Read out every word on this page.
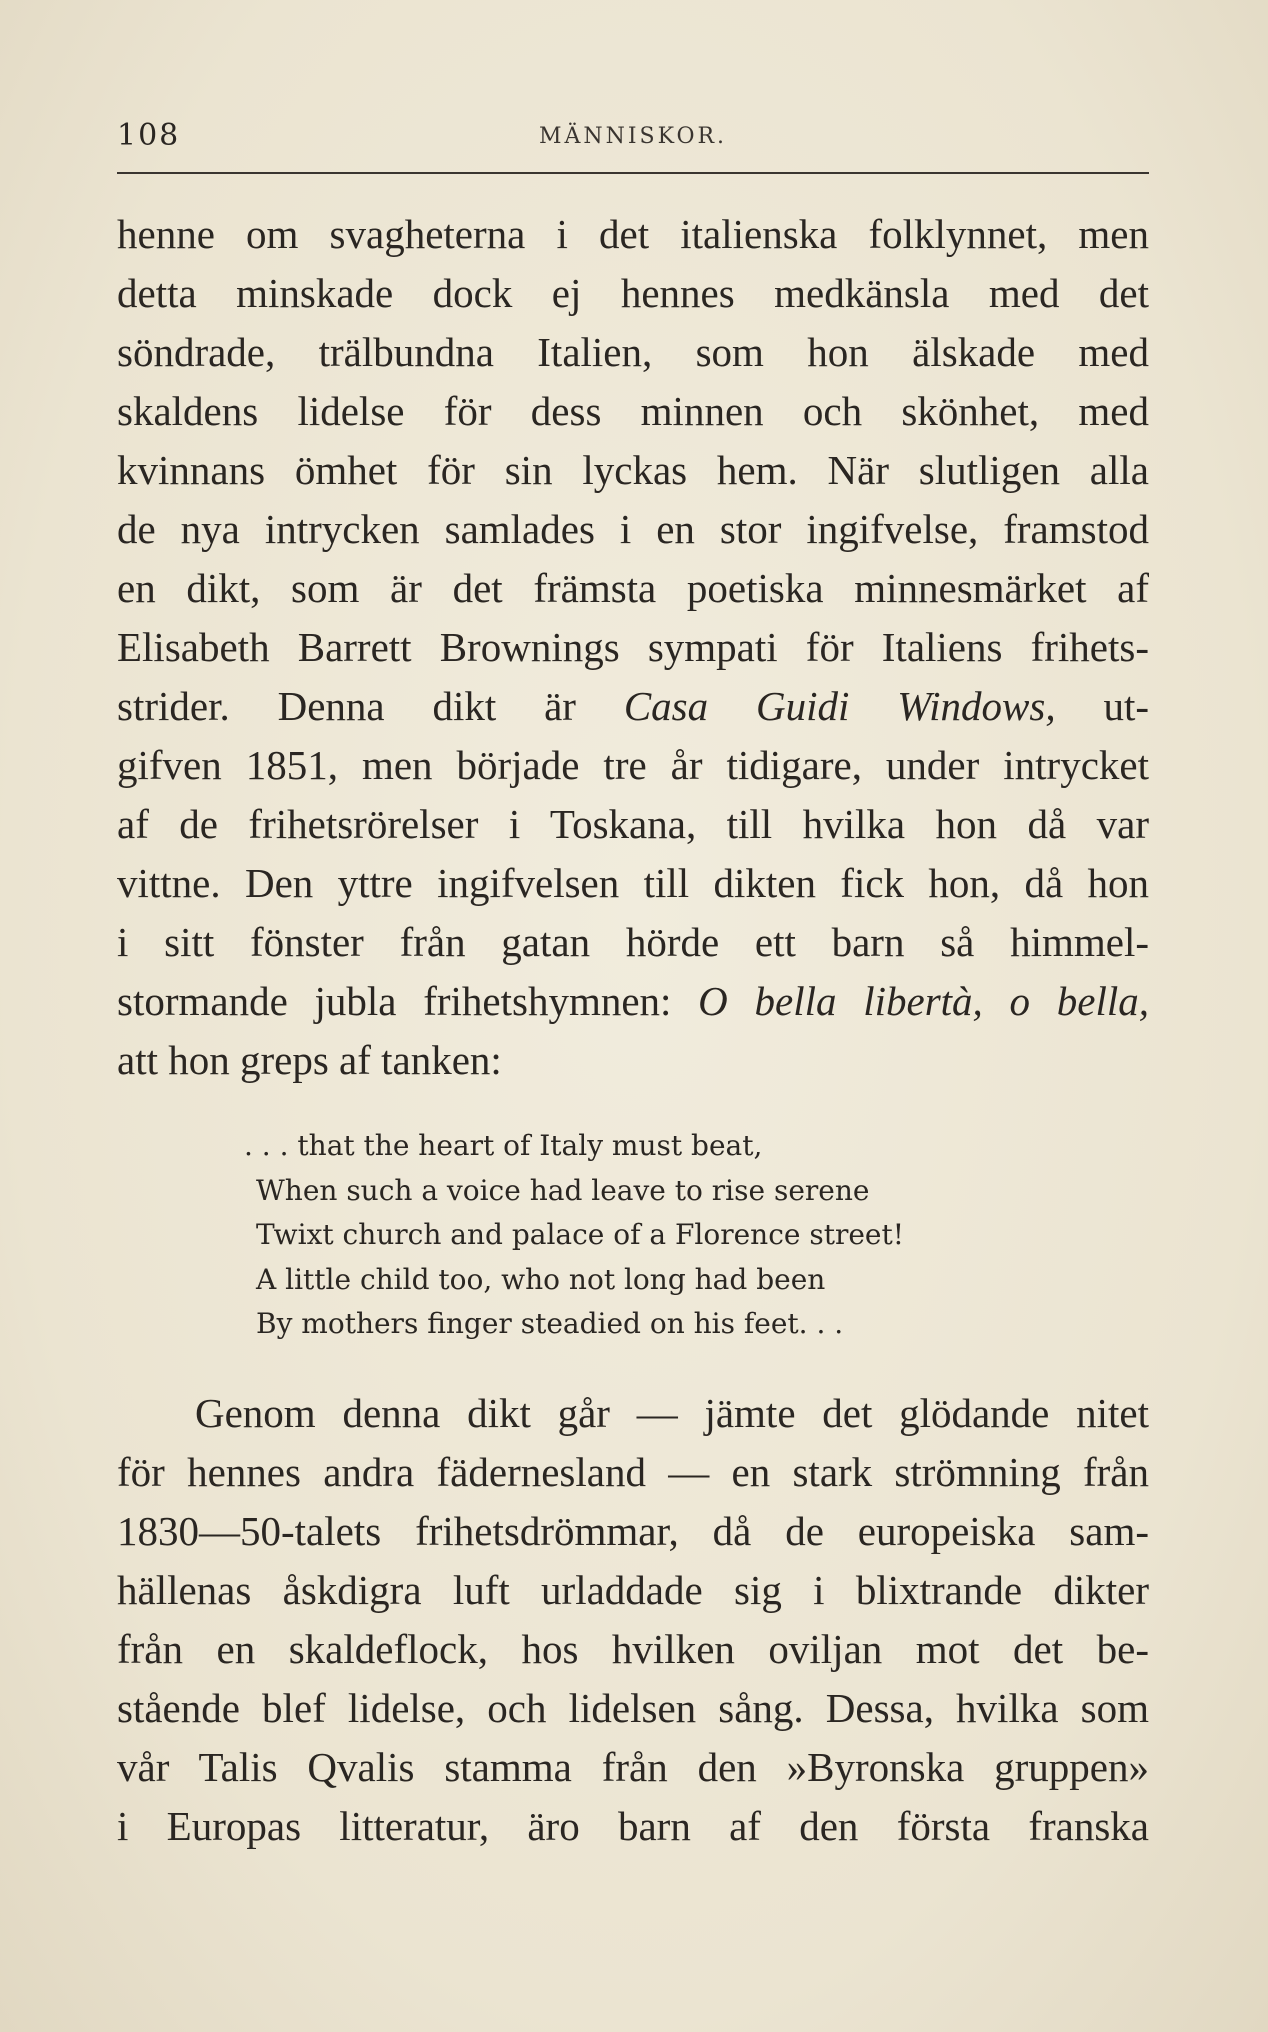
108	MÄNNISKOR.
henne om svagheterna i det italienska folklynnet, men
detta minskade dock ej hennes medkänsla med det
söndrade, trälbundna Italien, som hon älskade med
skaldens lidelse för dess minnen och skönhet, med
kvinnans ömhet för sin lyckas hem. När slutligen alla
de nya intrycken samlades i en stor ingifvelse, framstod
en dikt, som är det främsta poetiska minnesmärket af
Elisabeth Barrett Brownings sympati för Italiens frihets-
strider. Denna dikt är Casa Guidi Windows, ut-
gifven 1851, men började tre år tidigare, under intrycket
af de frihetsrörelser i Toskana, till hvilka hon då var
vittne. Den yttre ingifvelsen till dikten fick hon, då hon
i sitt fönster från gatan hörde ett barn så himmel-
stormande jubla frihetshymnen: O bella libertà, o bella,
att hon greps af tanken:
. . . that the heart of Italy must beat,
When such a voice had leave to rise serene
Twixt church and palace of a Florence street!
A little child too, who not long had been
By mothers finger steadied on his feet. . .
Genom denna dikt går — jämte det glödande nitet
för hennes andra fädernesland — en stark strömning från
1830—50-talets frihetsdrömmar, då de europeiska sam-
hällenas åskdigra luft urladdade sig i blixtrande dikter
från en skaldeflock, hos hvilken oviljan mot det be-
stående blef lidelse, och lidelsen sång. Dessa, hvilka som
vår Talis Qvalis stamma från den »Byronska gruppen»
i Europas litteratur, äro barn af den första franska
